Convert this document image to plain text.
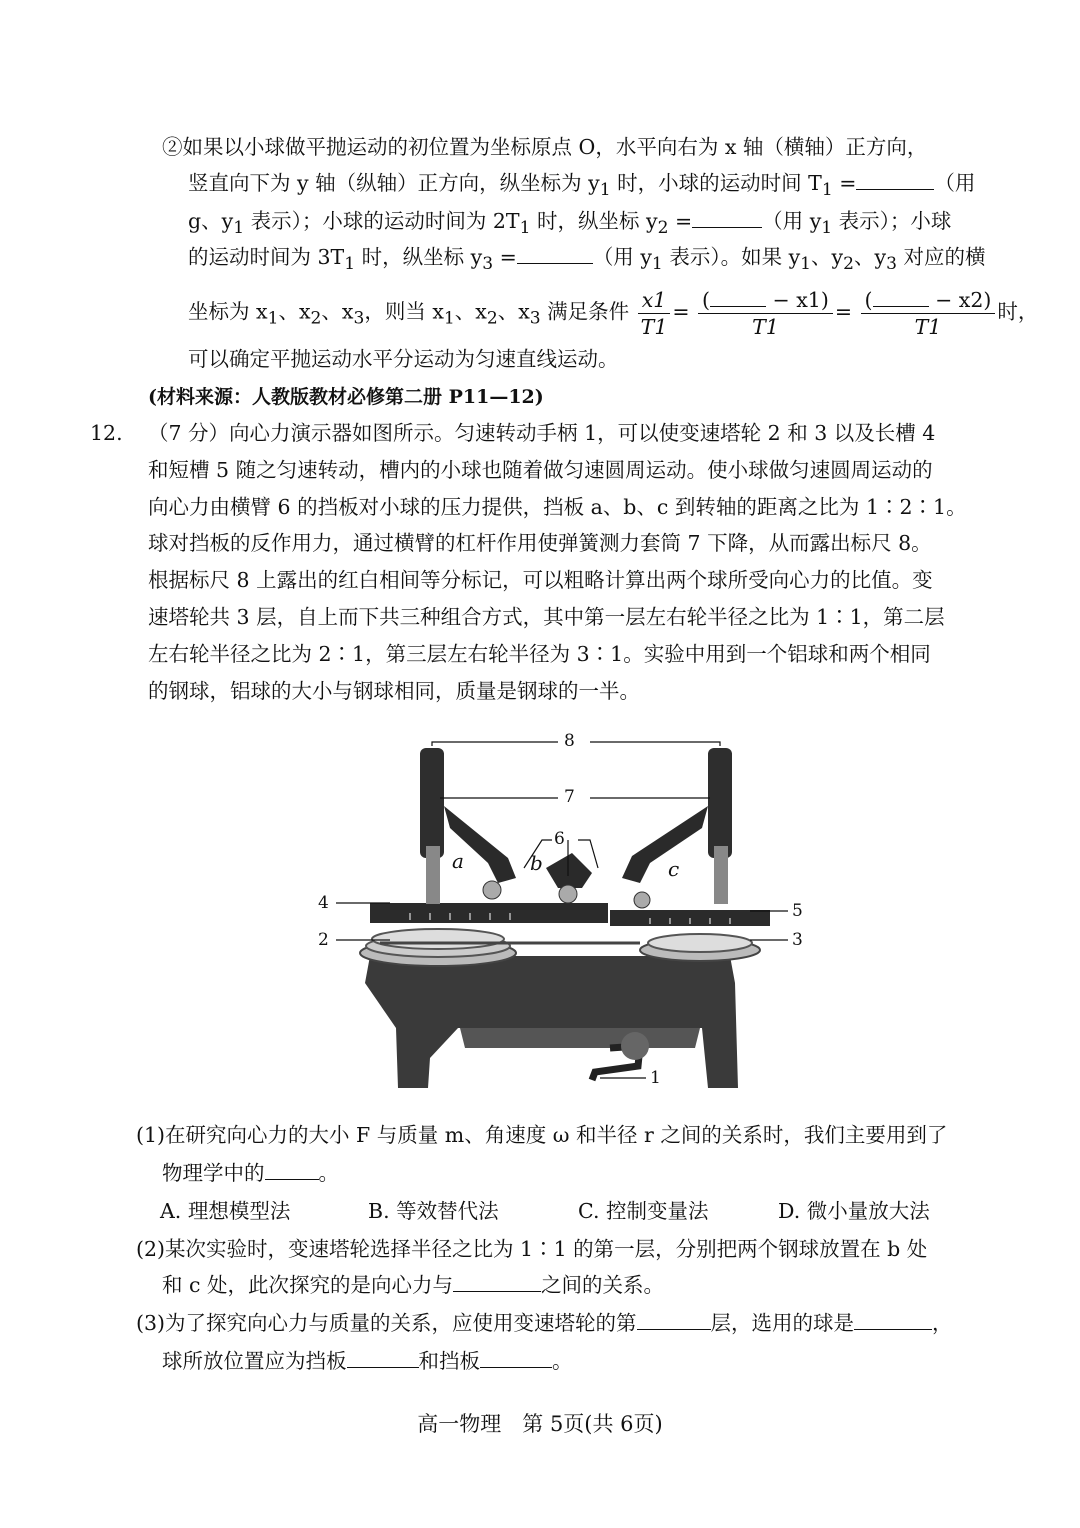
②如果以小球做平抛运动的初位置为坐标原点 O，水平向右为 x 轴（横轴）正方向，
竖直向下为 y 轴（纵轴）正方向，纵坐标为 $y_1$ 时，小球的运动时间 $T_1$ =	（用
g、$y_1$ 表示）；小球的运动时间为 $2T_1$ 时，纵坐标 $y_2$ =	（用 $y_1$ 表示）；小球
的运动时间为 $3T_1$ 时，纵坐标 $y_3$ =	（用 $y_1$ 表示）。如果 $y_1$、$y_2$、$y_3$ 对应的横
坐标为 $x_1$、$x_2$、$x_3$，则当 $x_1$、$x_2$、$x_3$ 满足条件 $\frac{x1}{T1}$ = (	− x1)
T1 = (	− x2)
T1 时，
可以确定平抛运动水平分运动为匀速直线运动。
(材料来源：人教版教材必修第二册 P11—12)
12. （7 分）向心力演示器如图所示。匀速转动手柄 1，可以使变速塔轮 2 和 3 以及长槽 4
和短槽 5 随之匀速转动，槽内的小球也随着做匀速圆周运动。使小球做匀速圆周运动的
向心力由横臂 6 的挡板对小球的压力提供，挡板 a、b、c 到转轴的距离之比为 1∶2∶1。
球对挡板的反作用力，通过横臂的杠杆作用使弹簧测力套筒 7 下降，从而露出标尺 8。
根据标尺 8 上露出的红白相间等分标记，可以粗略计算出两个球所受向心力的比值。变
速塔轮共 3 层，自上而下共三种组合方式，其中第一层左右轮半径之比为 1∶1，第二层
左右轮半径之比为 2∶1，第三层左右轮半径为 3∶1。实验中用到一个铝球和两个相同
的钢球，铝球的大小与钢球相同，质量是钢球的一半。
8
7
6
a	b	c
4
2
5
3
1
(1)在研究向心力的大小 F 与质量 m、角速度 ω 和半径 r 之间的关系时，我们主要用到了
物理学中的	。
A. 理想模型法	B. 等效替代法	C. 控制变量法	D. 微小量放大法
(2)某次实验时，变速塔轮选择半径之比为 1∶1 的第一层，分别把两个钢球放置在 b 处
和 c 处，此次探究的是向心力与	之间的关系。
(3)为了探究向心力与质量的关系，应使用变速塔轮的第	层，选用的球是	，
球所放位置应为挡板	和挡板	。
高一物理　第 5页(共 6页)
